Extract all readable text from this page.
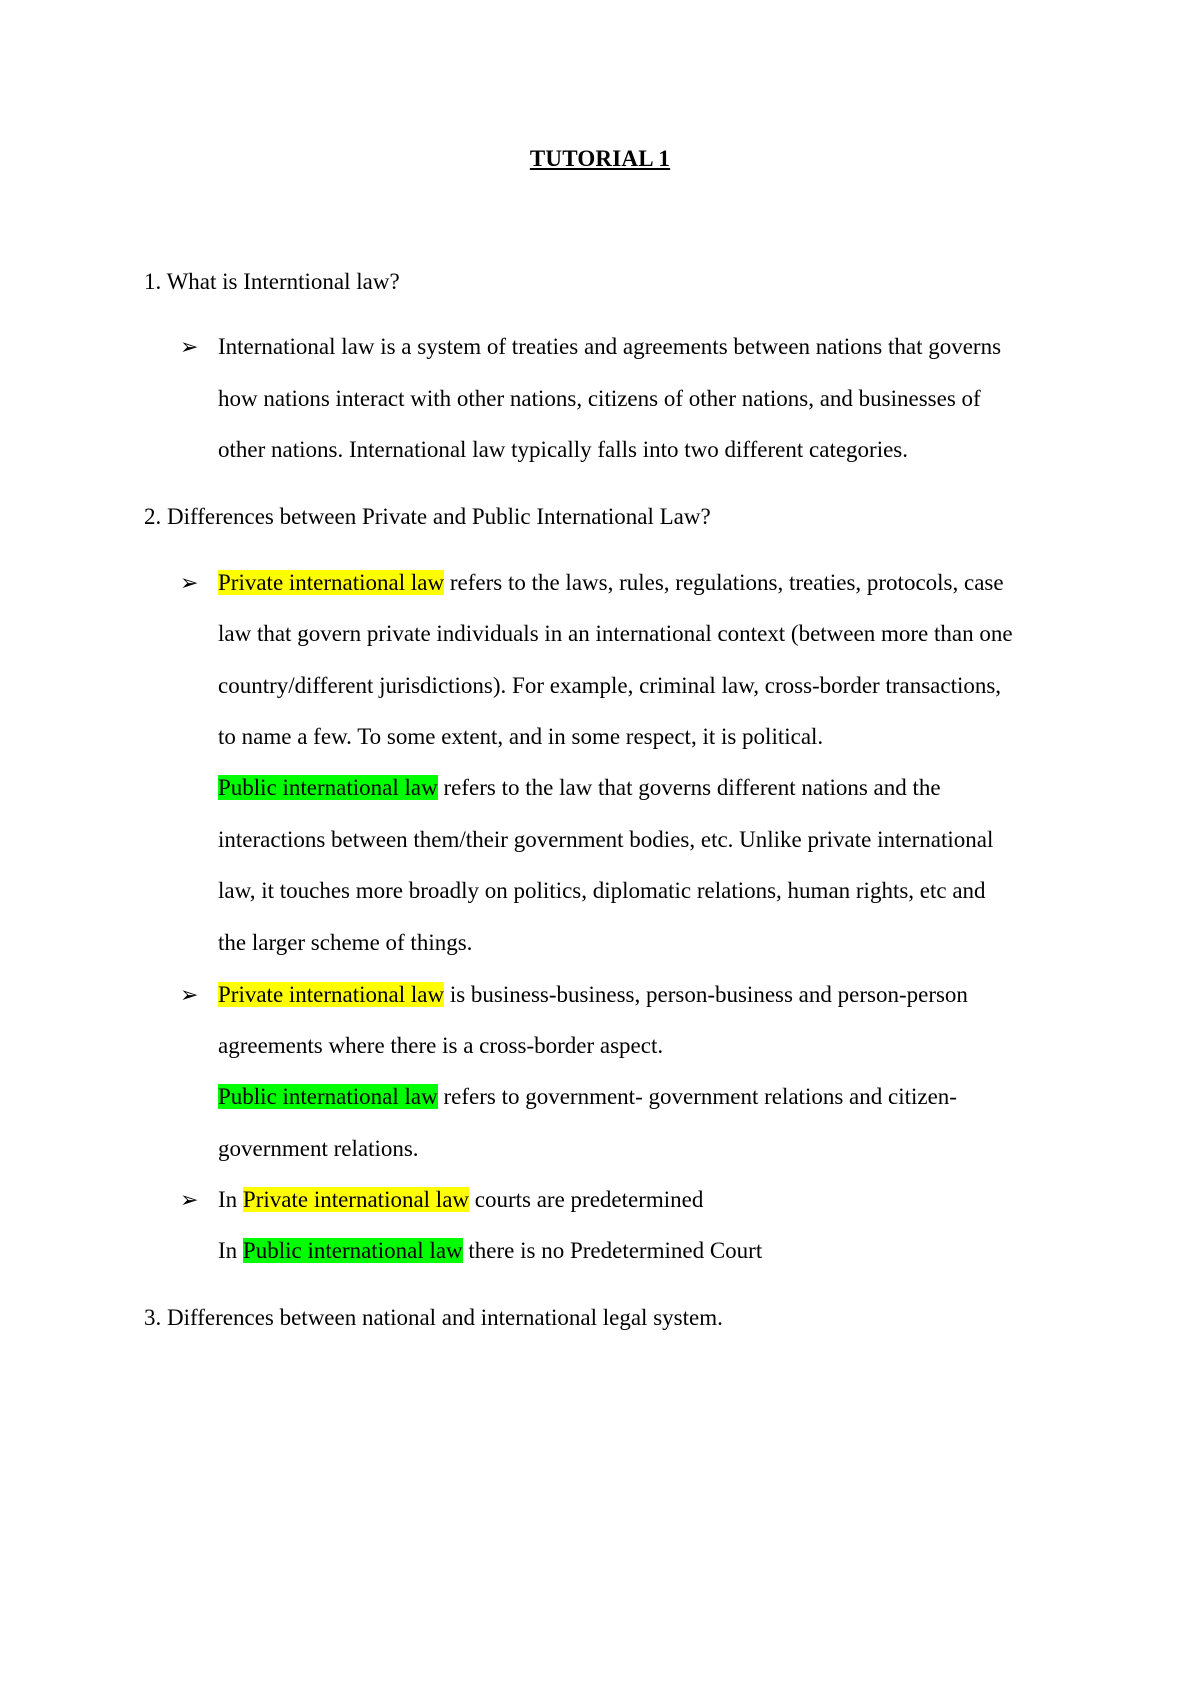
TUTORIAL 1
1. What is Interntional law?
➢ International law is a system of treaties and agreements between nations that governs
how nations interact with other nations, citizens of other nations, and businesses of
other nations. International law typically falls into two different categories.
2. Differences between Private and Public International Law?
➢ Private international law refers to the laws, rules, regulations, treaties, protocols, case
law that govern private individuals in an international context (between more than one
country/different jurisdictions). For example, criminal law, cross-border transactions,
to name a few. To some extent, and in some respect, it is political.
Public international law refers to the law that governs different nations and the
interactions between them/their government bodies, etc. Unlike private international
law, it touches more broadly on politics, diplomatic relations, human rights, etc and
the larger scheme of things.
➢ Private international law is business-business, person-business and person-person
agreements where there is a cross-border aspect.
Public international law refers to government- government relations and citizen-
government relations.
➢ In Private international law courts are predetermined
In Public international law there is no Predetermined Court
3. Differences between national and international legal system.
